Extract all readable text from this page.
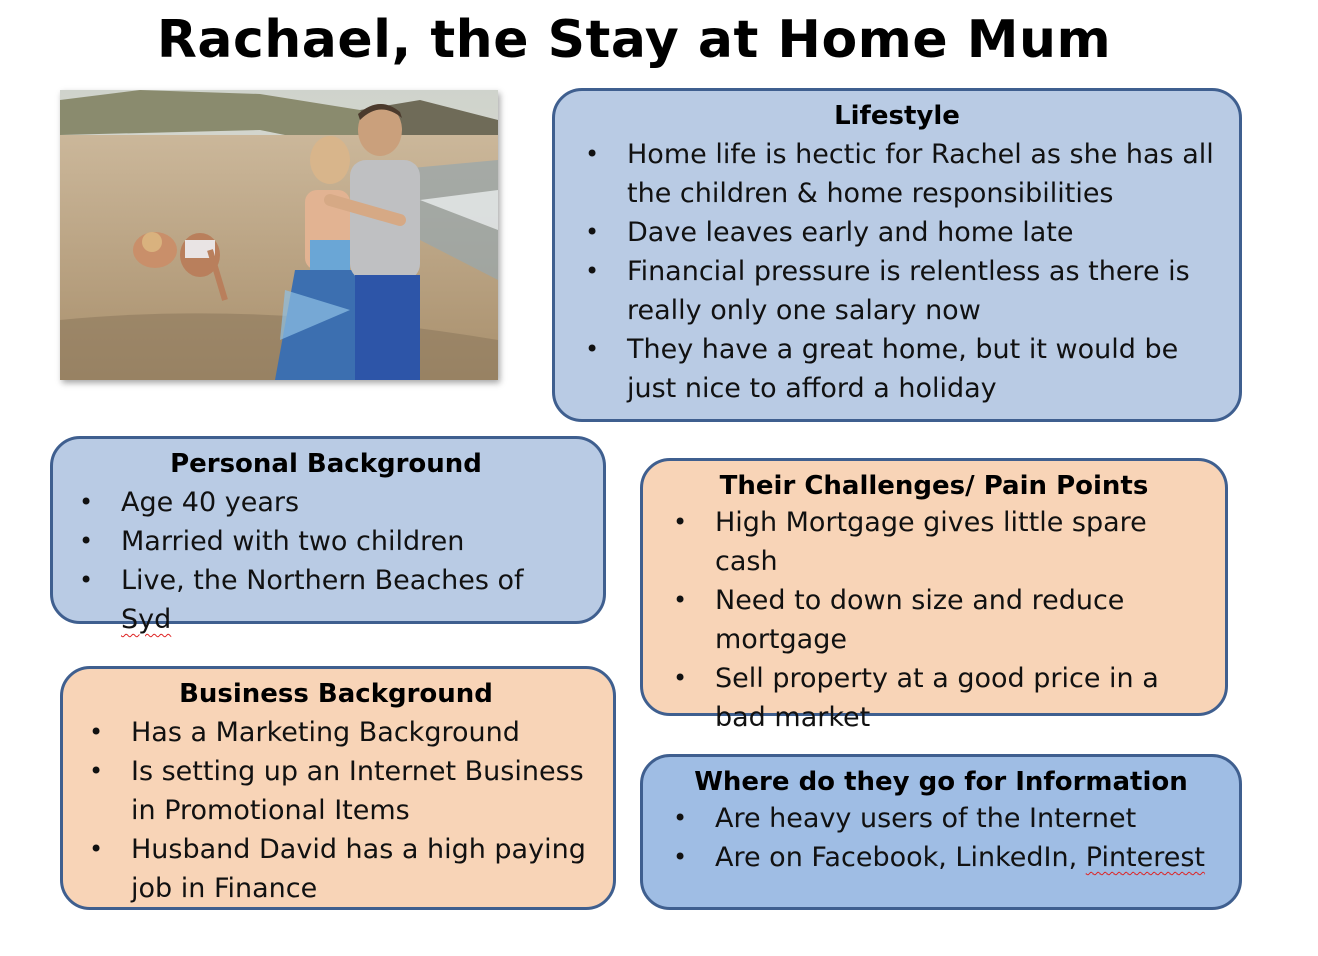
Rachael, the Stay at Home Mum
Lifestyle
• Home life is hectic for Rachel as she has all the children & home responsibilities
• Dave leaves early and home late
• Financial pressure is relentless as there is really only one salary now
• They have a great home, but it would be just nice to afford a holiday
Personal Background
• Age 40 years
• Married with two children
• Live, the Northern Beaches of Syd
Their Challenges/ Pain Points
• High Mortgage gives little spare cash
• Need to down size and reduce mortgage
• Sell property at a good price in a bad market
Business Background
• Has a Marketing Background
• Is setting up an Internet Business in Promotional Items
• Husband David has a high paying job in Finance
Where do they go for Information
• Are heavy users of the Internet
• Are on Facebook, LinkedIn, Pinterest
